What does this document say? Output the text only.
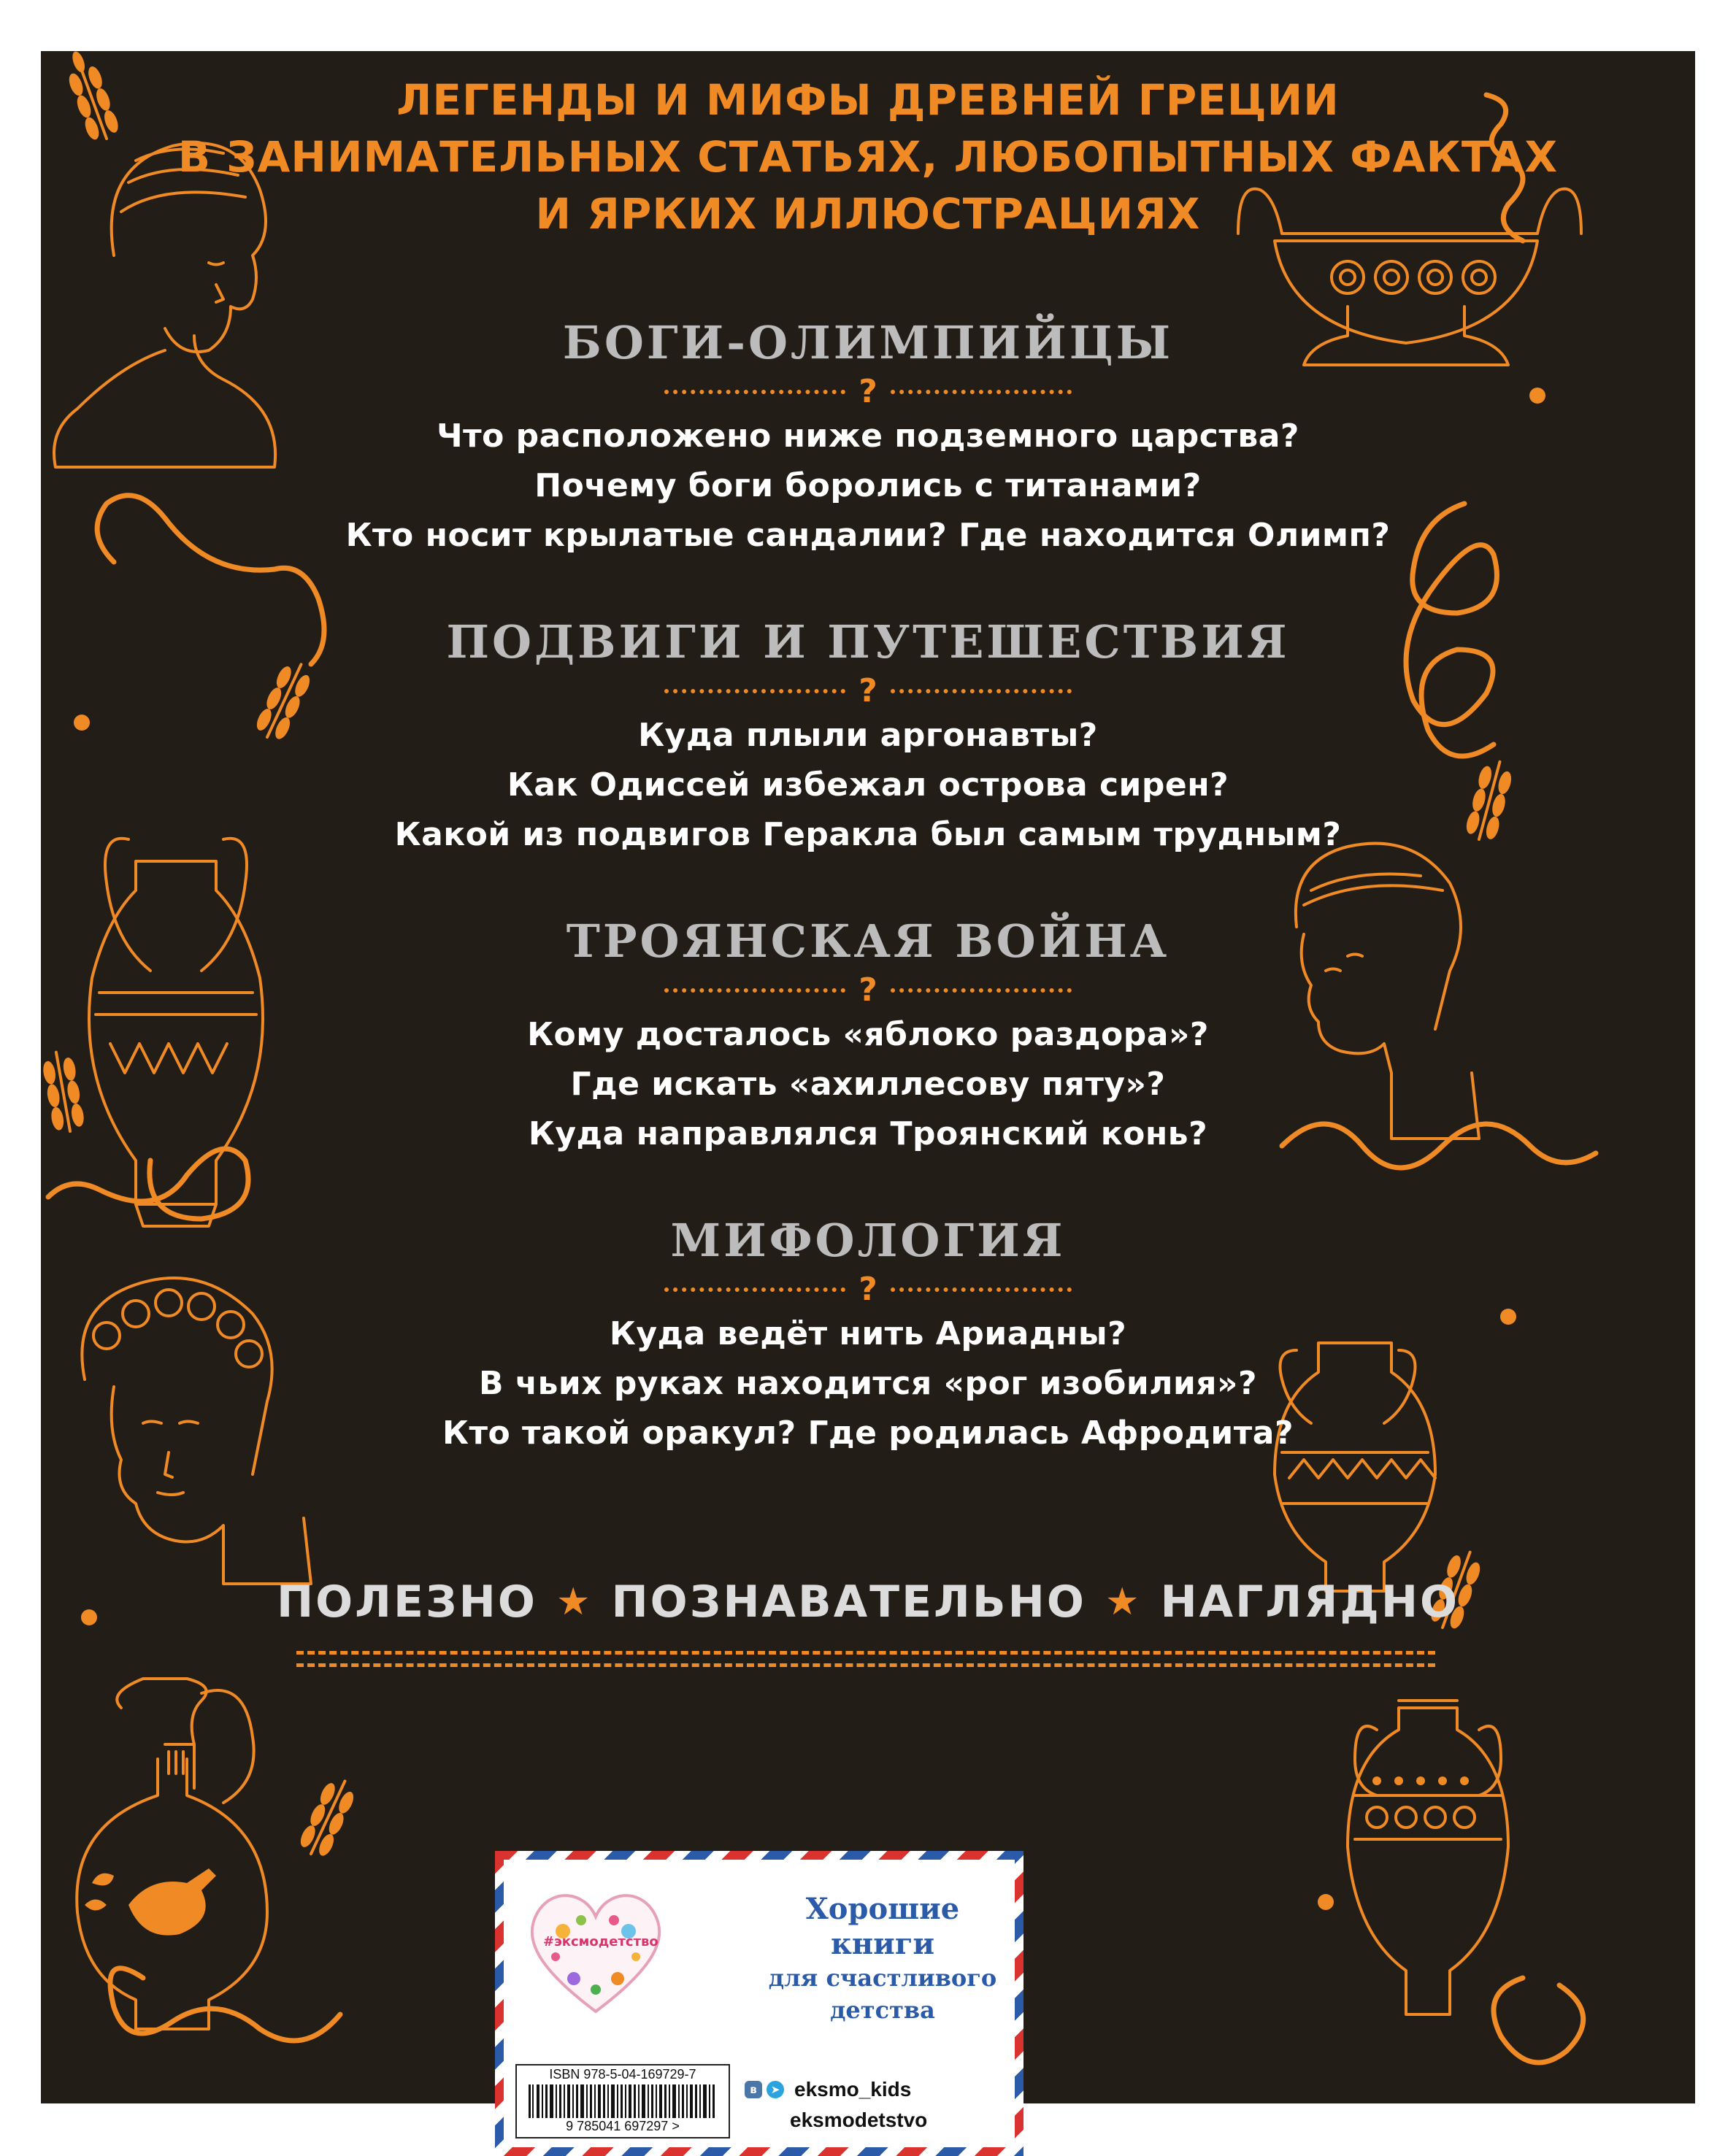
ЛЕГЕНДЫ И МИФЫ ДРЕВНЕЙ ГРЕЦИИ
В ЗАНИМАТЕЛЬНЫХ СТАТЬЯХ, ЛЮБОПЫТНЫХ ФАКТАХ
И ЯРКИХ ИЛЛЮСТРАЦИЯХ
БОГИ-ОЛИМПИЙЦЫ
?
Что расположено ниже подземного царства?
Почему боги боролись с титанами?
Кто носит крылатые сандалии? Где находится Олимп?
ПОДВИГИ И ПУТЕШЕСТВИЯ
?
Куда плыли аргонавты?
Как Одиссей избежал острова сирен?
Какой из подвигов Геракла был самым трудным?
ТРОЯНСКАЯ ВОЙНА
?
Кому досталось «яблоко раздора»?
Где искать «ахиллесову пяту»?
Куда направлялся Троянский конь?
МИФОЛОГИЯ
?
Куда ведёт нить Ариадны?
В чьих руках находится «рог изобилия»?
Кто такой оракул? Где родилась Афродита?
ПОЛЕЗНО ★ ПОЗНАВАТЕЛЬНО ★ НАГЛЯДНО
#эксмодетство
Хорошие
книги
для счастливого
детства
ISBN 978-5-04-169729-7
9 785041 697297 >
в	➤ eksmo_kids
eksmodetstvo
